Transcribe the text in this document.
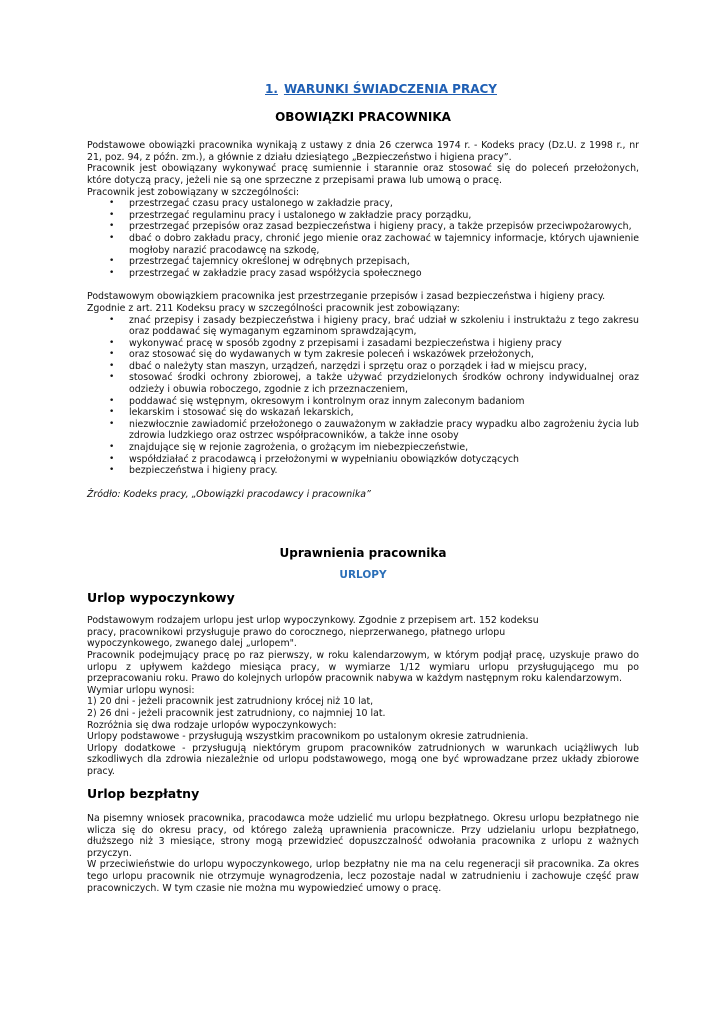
1. WARUNKI ŚWIADCZENIA PRACY
OBOWIĄZKI PRACOWNIKA

Podstawowe obowiązki pracownika wynikają z ustawy z dnia 26 czerwca 1974 r. - Kodeks pracy (Dz.U. z 1998 r., nr 21, poz. 94, z późn. zm.), a głównie z działu dziesiątego „Bezpieczeństwo i higiena pracy”.

Pracownik jest obowiązany wykonywać pracę sumiennie i starannie oraz stosować się do poleceń przełożonych, które dotyczą pracy, jeżeli nie są one sprzeczne z przepisami prawa lub umową o pracę.

Pracownik jest zobowiązany w szczególności:

• przestrzegać czasu pracy ustalonego w zakładzie pracy,
• przestrzegać regulaminu pracy i ustalonego w zakładzie pracy porządku,
• przestrzegać przepisów oraz zasad bezpieczeństwa i higieny pracy, a także przepisów przeciwpożarowych,
• dbać o dobro zakładu pracy, chronić jego mienie oraz zachować w tajemnicy informacje, których ujawnienie mogłoby narazić pracodawcę na szkodę,
• przestrzegać tajemnicy określonej w odrębnych przepisach,
• przestrzegać w zakładzie pracy zasad współżycia społecznego

Podstawowym obowiązkiem pracownika jest przestrzeganie przepisów i zasad bezpieczeństwa i higieny pracy.

Zgodnie z art. 211 Kodeksu pracy w szczególności pracownik jest zobowiązany:

• znać przepisy i zasady bezpieczeństwa i higieny pracy, brać udział w szkoleniu i instruktażu z tego zakresu oraz poddawać się wymaganym egzaminom sprawdzającym,
• wykonywać pracę w sposób zgodny z przepisami i zasadami bezpieczeństwa i higieny pracy
• oraz stosować się do wydawanych w tym zakresie poleceń i wskazówek przełożonych,
• dbać o należyty stan maszyn, urządzeń, narzędzi i sprzętu oraz o porządek i ład w miejscu pracy,
• stosować środki ochrony zbiorowej, a także używać przydzielonych środków ochrony indywidualnej oraz odzieży i obuwia roboczego, zgodnie z ich przeznaczeniem,
• poddawać się wstępnym, okresowym i kontrolnym oraz innym zaleconym badaniom
• lekarskim i stosować się do wskazań lekarskich,
• niezwłocznie zawiadomić przełożonego o zauważonym w zakładzie pracy wypadku albo zagrożeniu życia lub zdrowia ludzkiego oraz ostrzec współpracowników, a także inne osoby
• znajdujące się w rejonie zagrożenia, o grożącym im niebezpieczeństwie,
• współdziałać z pracodawcą i przełożonymi w wypełnianiu obowiązków dotyczących
• bezpieczeństwa i higieny pracy.

Źródło: Kodeks pracy, „Obowiązki pracodawcy i pracownika”

Uprawnienia pracownika
URLOPY
Urlop wypoczynkowy

Podstawowym rodzajem urlopu jest urlop wypoczynkowy. Zgodnie z przepisem art. 152 kodeksu

pracy, pracownikowi przysługuje prawo do corocznego, nieprzerwanego, płatnego urlopu

wypoczynkowego, zwanego dalej „urlopem".

Pracownik podejmujący pracę po raz pierwszy, w roku kalendarzowym, w którym podjął pracę, uzyskuje prawo do urlopu z upływem każdego miesiąca pracy, w wymiarze 1/12 wymiaru urlopu przysługującego mu po przepracowaniu roku. Prawo do kolejnych urlopów pracownik nabywa w każdym następnym roku kalendarzowym.

Wymiar urlopu wynosi:

1) 20 dni - jeżeli pracownik jest zatrudniony krócej niż 10 lat,

2) 26 dni - jeżeli pracownik jest zatrudniony, co najmniej 10 lat.

Rozróżnia się dwa rodzaje urlopów wypoczynkowych:

Urlopy podstawowe - przysługują wszystkim pracownikom po ustalonym okresie zatrudnienia.

Urlopy dodatkowe - przysługują niektórym grupom pracowników zatrudnionych w warunkach uciążliwych lub szkodliwych dla zdrowia niezależnie od urlopu podstawowego, mogą one być wprowadzane przez układy zbiorowe pracy.

Urlop bezpłatny

Na pisemny wniosek pracownika, pracodawca może udzielić mu urlopu bezpłatnego. Okresu urlopu bezpłatnego nie wlicza się do okresu pracy, od którego zależą uprawnienia pracownicze. Przy udzielaniu urlopu bezpłatnego, dłuższego niż 3 miesiące, strony mogą przewidzieć dopuszczalność odwołania pracownika z urlopu z ważnych przyczyn.

W przeciwieństwie do urlopu wypoczynkowego, urlop bezpłatny nie ma na celu regeneracji sił pracownika. Za okres tego urlopu pracownik nie otrzymuje wynagrodzenia, lecz pozostaje nadal w zatrudnieniu i zachowuje część praw pracowniczych. W tym czasie nie można mu wypowiedzieć umowy o pracę.
